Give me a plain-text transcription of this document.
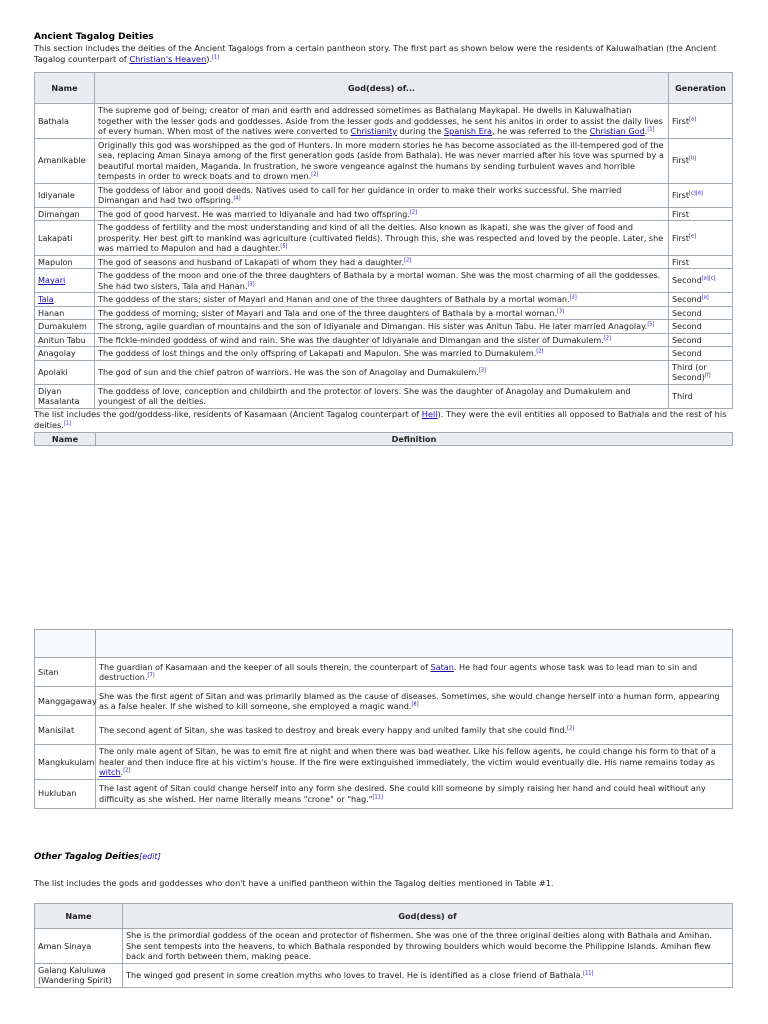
Ancient Tagalog Deities

This section includes the deities of the Ancient Tagalogs from a certain pantheon story. The first part as shown below were the residents of Kaluwalhatian (the Ancient Tagalog counterpart of Christian's Heaven).[1]

Name	God(dess) of...	Generation
Bathala	The supreme god of being; creator of man and earth and addressed sometimes as Bathalang Maykapal. He dwells in Kaluwalhatian together with the lesser gods and goddesses. Aside from the lesser gods and goddesses, he sent his anitos in order to assist the daily lives of every human. When most of the natives were converted to Christianity during the Spanish Era, he was referred to the Christian God.[1]	First[a]
Amanikable	Originally this god was worshipped as the god of Hunters. In more modern stories he has become associated as the ill-tempered god of the sea, replacing Aman Sinaya among of the first generation gods (aside from Bathala). He was never married after his love was spurned by a beautiful mortal maiden, Maganda. In frustration, he swore vengeance against the humans by sending turbulent waves and horrible tempests in order to wreck boats and to drown men.[2]	First[b]
Idiyanale	The goddess of labor and good deeds. Natives used to call for her guidance in order to make their works successful. She married Dimangan and had two offspring.[4]	First[c][d]
Dimangan	The god of good harvest. He was married to Idiyanale and had two offspring.[2]	First
Lakapati	The goddess of fertility and the most understanding and kind of all the deities. Also known as Ikapati, she was the giver of food and prosperity. Her best gift to mankind was agriculture (cultivated fields). Through this, she was respected and loved by the people. Later, she was married to Mapulon and had a daughter.[5]	First[e]
Mapulon	The god of seasons and husband of Lakapati of whom they had a daughter.[2]	First
Mayari	The goddess of the moon and one of the three daughters of Bathala by a mortal woman. She was the most charming of all the goddesses. She had two sisters, Tala and Hanan.[3]	Second[a][c]
Tala	The goddess of the stars; sister of Mayari and Hanan and one of the three daughters of Bathala by a mortal woman.[3]	Second[a]
Hanan	The goddess of morning; sister of Mayari and Tala and one of the three daughters of Bathala by a mortal woman.[3]	Second
Dumakulem	The strong, agile guardian of mountains and the son of Idiyanale and Dimangan. His sister was Anitun Tabu. He later married Anagolay.[5]	Second
Anitun Tabu	The fickle-minded goddess of wind and rain. She was the daughter of Idiyanale and Dimangan and the sister of Dumakulem.[2]	Second
Anagolay	The goddess of lost things and the only offspring of Lakapati and Mapulon. She was married to Dumakulem.[2]	Second
Apolaki	The god of sun and the chief patron of warriors. He was the son of Anagolay and Dumakulem.[3]	Third (or Second)[f]
Diyan Masalanta	The goddess of love, conception and childbirth and the protector of lovers. She was the daughter of Anagolay and Dumakulem and youngest of all the deities.	Third

The list includes the god/goddess-like, residents of Kasamaan (Ancient Tagalog counterpart of Hell). They were the evil entities all opposed to Bathala and the rest of his deities.[1]

Name	Definition

Sitan	The guardian of Kasamaan and the keeper of all souls therein, the counterpart of Satan. He had four agents whose task was to lead man to sin and destruction.[7]
Manggagaway	She was the first agent of Sitan and was primarily blamed as the cause of diseases. Sometimes, she would change herself into a human form, appearing as a false healer. If she wished to kill someone, she employed a magic wand.[8]
Manisilat	The second agent of Sitan, she was tasked to destroy and break every happy and united family that she could find.[2]
Mangkukulam	The only male agent of Sitan, he was to emit fire at night and when there was bad weather. Like his fellow agents, he could change his form to that of a healer and then induce fire at his victim's house. If the fire were extinguished immediately, the victim would eventually die. His name remains today as witch.[2]
Hukluban	The last agent of Sitan could change herself into any form she desired. She could kill someone by simply raising her hand and could heal without any difficulty as she wished. Her name literally means "crone" or "hag."[11]
Other Tagalog Deities[edit]

The list includes the gods and goddesses who don't have a unified pantheon within the Tagalog deities mentioned in Table #1.

Name	God(dess) of
Aman Sinaya	She is the primordial goddess of the ocean and protector of fishermen. She was one of the three original deities along with Bathala and Amihan. She sent tempests into the heavens, to which Bathala responded by throwing boulders which would become the Philippine Islands. Amihan flew back and forth between them, making peace.
Galang Kaluluwa (Wandering Spirit)	The winged god present in some creation myths who loves to travel. He is identified as a close friend of Bathala.[11]
